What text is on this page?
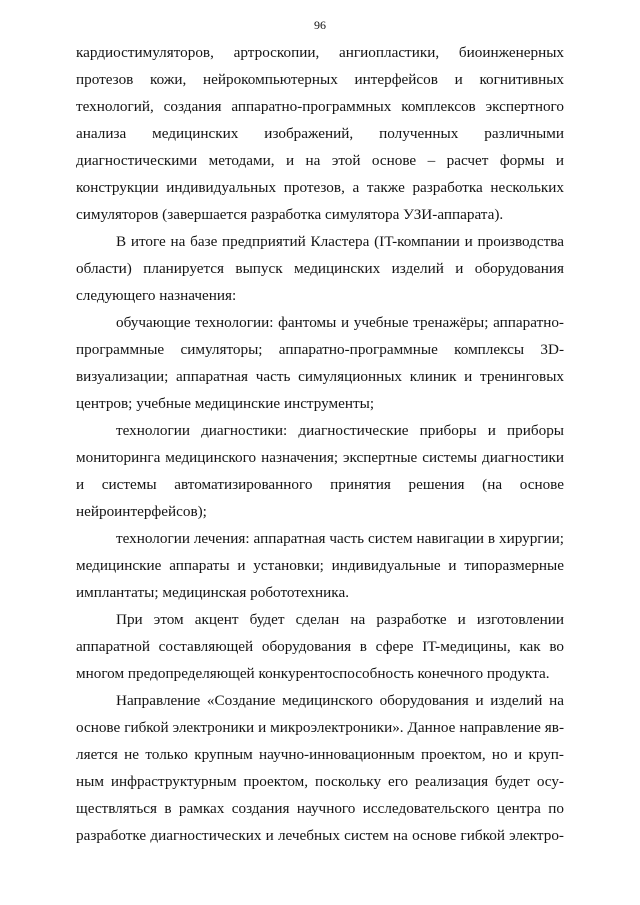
96
кардиостимуляторов, артроскопии, ангиопластики, биоинженерных
протезов кожи, нейрокомпьютерных интерфейсов и когнитивных
технологий, создания аппаратно-программных комплексов экспертного
анализа медицинских изображений, полученных различными
диагностическими методами, и на этой основе – расчет формы и
конструкции индивидуальных протезов, а также разработка нескольких
симуляторов (завершается разработка симулятора УЗИ-аппарата).
В итоге на базе предприятий Кластера (IT-компании и производства
области) планируется выпуск медицинских изделий и оборудования
следующего назначения:
обучающие технологии: фантомы и учебные тренажёры; аппаратно-
программные симуляторы; аппаратно-программные комплексы 3D-
визуализации; аппаратная часть симуляционных клиник и тренинговых
центров; учебные медицинские инструменты;
технологии диагностики: диагностические приборы и приборы
мониторинга медицинского назначения; экспертные системы диагностики
и системы автоматизированного принятия решения (на основе
нейроинтерфейсов);
технологии лечения: аппаратная часть систем навигации в хирургии;
медицинские аппараты и установки; индивидуальные и типоразмерные
имплантаты; медицинская робототехника.
При этом акцент будет сделан на разработке и изготовлении
аппаратной составляющей оборудования в сфере IT-медицины, как во
многом предопределяющей конкурентоспособность конечного продукта.
Направление «Создание медицинского оборудования и изделий на
основе гибкой электроники и микроэлектроники». Данное направление яв-
ляется не только крупным научно-инновационным проектом, но и круп-
ным инфраструктурным проектом, поскольку его реализация будет осу-
ществляться в рамках создания научного исследовательского центра по
разработке диагностических и лечебных систем на основе гибкой электро-
